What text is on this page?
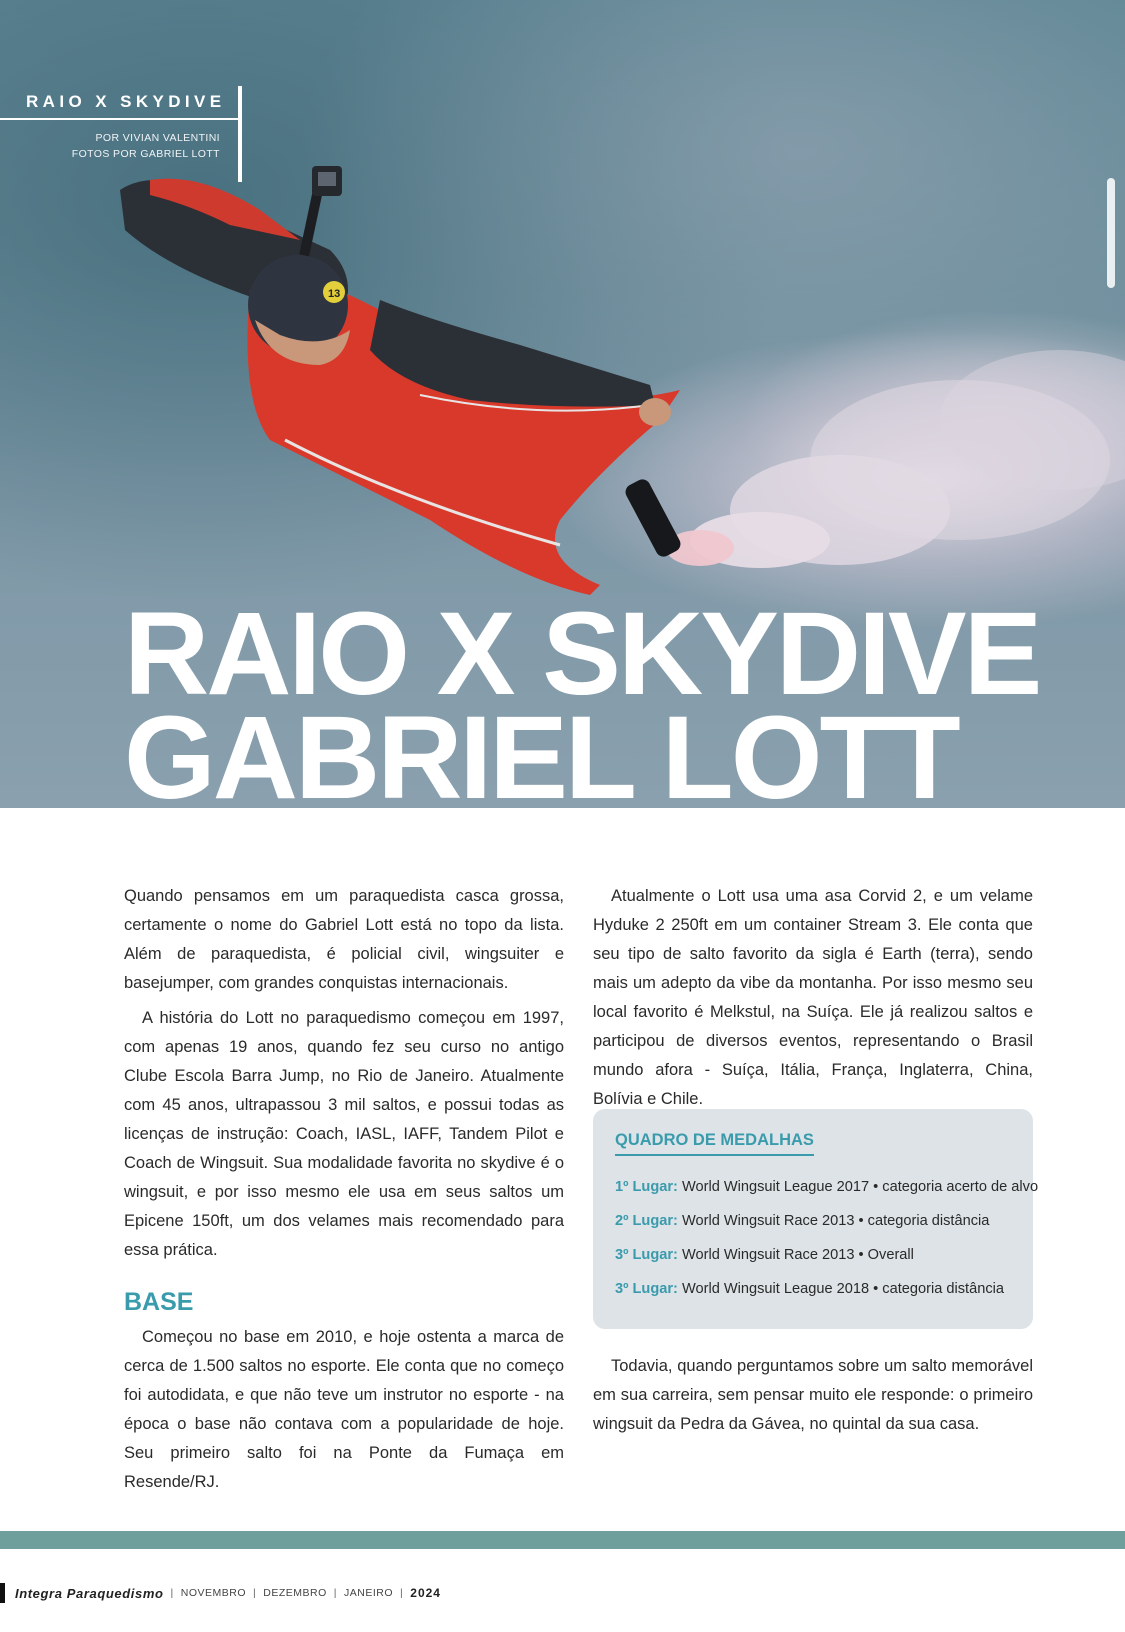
13
RAIO X SKYDIVE
POR VIVIAN VALENTINI
FOTOS POR GABRIEL LOTT
RAIO X SKYDIVE
GABRIEL LOTT

Quando pensamos em um paraquedista casca grossa, certamente o nome do Gabriel Lott está no topo da lista. Além de paraquedista, é policial civil, wingsuiter e basejumper, com grandes conquistas internacionais.

A história do Lott no paraquedismo começou em 1997, com apenas 19 anos, quando fez seu curso no antigo Clube Escola Barra Jump, no Rio de Janeiro. Atualmente com 45 anos, ultrapassou 3 mil saltos, e possui todas as licenças de instrução: Coach, IASL, IAFF, Tandem Pilot e Coach de Wingsuit. Sua modalidade favorita no skydive é o wingsuit, e por isso mesmo ele usa em seus saltos um Epicene 150ft, um dos velames mais recomendado para essa prática.

BASE

Começou no base em 2010, e hoje ostenta a marca de cerca de 1.500 saltos no esporte. Ele conta que no começo foi autodidata, e que não teve um instrutor no esporte - na época o base não contava com a popularidade de hoje. Seu primeiro salto foi na Ponte da Fumaça em Resende/RJ.

Atualmente o Lott usa uma asa Corvid 2, e um velame Hyduke 2 250ft em um container Stream 3. Ele conta que seu tipo de salto favorito da sigla é Earth (terra), sendo mais um adepto da vibe da montanha. Por isso mesmo seu local favorito é Melkstul, na Suíça. Ele já realizou saltos e participou de diversos eventos, representando o Brasil mundo afora - Suíça, Itália, França, Inglaterra, China, Bolívia e Chile.

QUADRO DE MEDALHAS
1º Lugar: World Wingsuit League 2017 • categoria acerto de alvo
2º Lugar: World Wingsuit Race 2013 • categoria distância
3º Lugar: World Wingsuit Race 2013 • Overall
3º Lugar: World Wingsuit League 2018 • categoria distância

Todavia, quando perguntamos sobre um salto memorável em sua carreira, sem pensar muito ele responde: o primeiro wingsuit da Pedra da Gávea, no quintal da sua casa.

Integra Paraquedismo | NOVEMBRO | DEZEMBRO | JANEIRO | 2024
